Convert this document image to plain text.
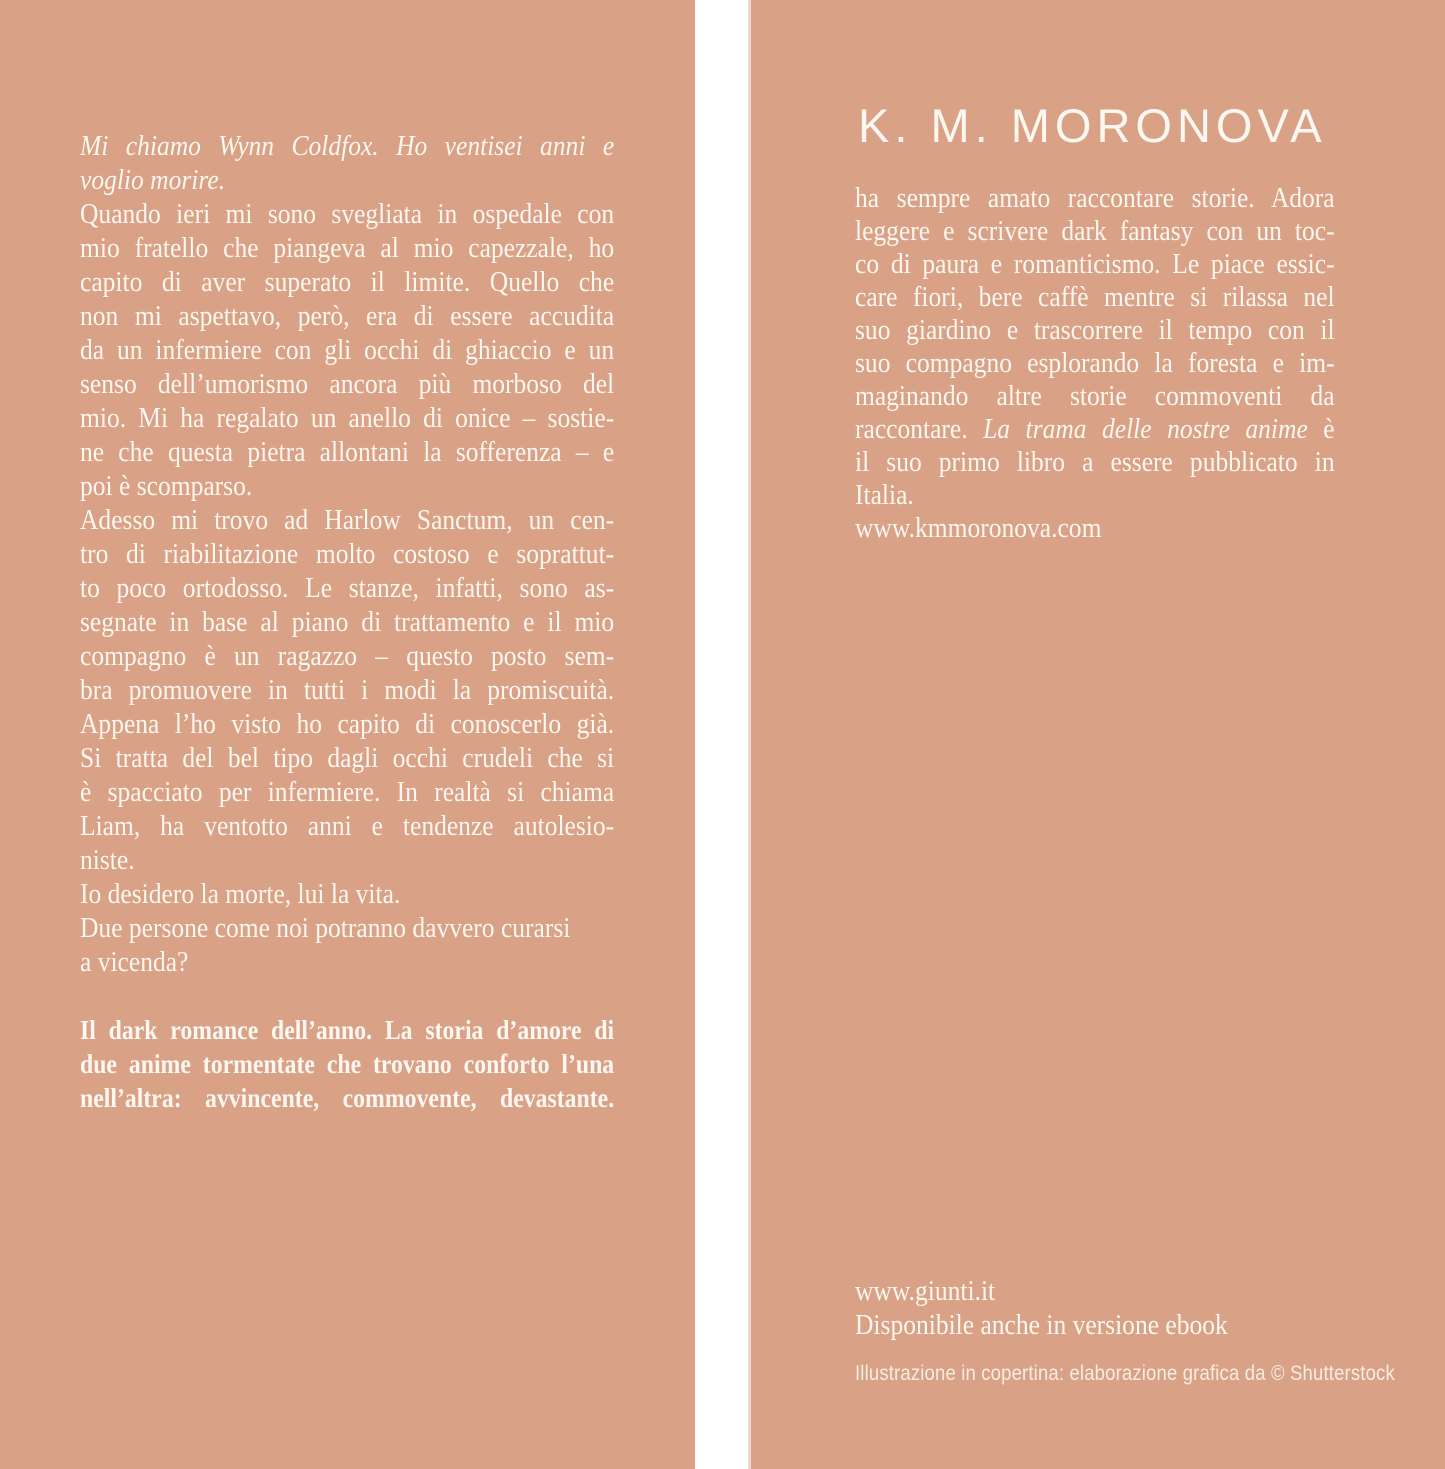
Mi chiamo Wynn Coldfox. Ho ventisei anni e
voglio morire.
Quando ieri mi sono svegliata in ospedale con
mio fratello che piangeva al mio capezzale, ho
capito di aver superato il limite. Quello che
non mi aspettavo, però, era di essere accudita
da un infermiere con gli occhi di ghiaccio e un
senso dell’umorismo ancora più morboso del
mio. Mi ha regalato un anello di onice – sostie-
ne che questa pietra allontani la sofferenza – e
poi è scomparso.
Adesso mi trovo ad Harlow Sanctum, un cen-
tro di riabilitazione molto costoso e soprattut-
to poco ortodosso. Le stanze, infatti, sono as-
segnate in base al piano di trattamento e il mio
compagno è un ragazzo – questo posto sem-
bra promuovere in tutti i modi la promiscuità.
Appena l’ho visto ho capito di conoscerlo già.
Si tratta del bel tipo dagli occhi crudeli che si
è spacciato per infermiere. In realtà si chiama
Liam, ha ventotto anni e tendenze autolesio-
niste.
Io desidero la morte, lui la vita.
Due persone come noi potranno davvero curarsi
a vicenda?
Il dark romance dell’anno. La storia d’amore di
due anime tormentate che trovano conforto l’una
nell’altra: avvincente, commovente, devastante.
K. M. MORONOVA
ha sempre amato raccontare storie. Adora
leggere e scrivere dark fantasy con un toc-
co di paura e romanticismo. Le piace essic-
care fiori, bere caffè mentre si rilassa nel
suo giardino e trascorrere il tempo con il
suo compagno esplorando la foresta e im-
maginando altre storie commoventi da
raccontare. La trama delle nostre anime è
il suo primo libro a essere pubblicato in
Italia.
www.kmmoronova.com
www.giunti.it
Disponibile anche in versione ebook
Illustrazione in copertina: elaborazione grafica da © Shutterstock
